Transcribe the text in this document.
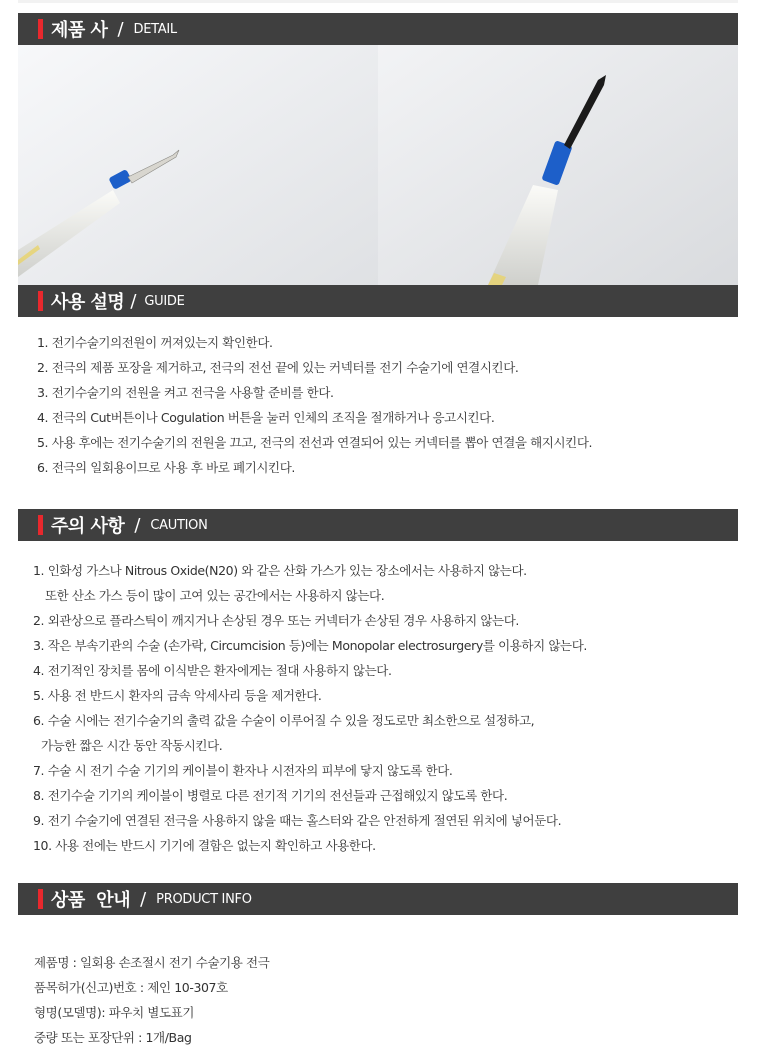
제품 사 / DETAIL
사용 설명 / GUIDE
1. 전기수술기의전원이 꺼져있는지 확인한다.
2. 전극의 제품 포장을 제거하고, 전극의 전선 끝에 있는 커넥터를 전기 수술기에 연결시킨다.
3. 전기수술기의 전원을 켜고 전극을 사용할 준비를 한다.
4. 전극의 Cut버튼이나 Cogulation 버튼을 눌러 인체의 조직을 절개하거나 응고시킨다.
5. 사용 후에는 전기수술기의 전원을 끄고, 전극의 전선과 연결되어 있는 커넥터를 뽑아 연결을 해지시킨다.
6. 전극의 일회용이므로 사용 후 바로 폐기시킨다.
주의 사항 / CAUTION
1. 인화성 가스나 Nitrous Oxide(N20) 와 같은 산화 가스가 있는 장소에서는 사용하지 않는다.
또한 산소 가스 등이 많이 고여 있는 공간에서는 사용하지 않는다.
2. 외관상으로 플라스틱이 깨지거나 손상된 경우 또는 커넥터가 손상된 경우 사용하지 않는다.
3. 작은 부속기관의 수술 (손가락, Circumcision 등)에는 Monopolar electrosurgery를 이용하지 않는다.
4. 전기적인 장치를 몸에 이식받은 환자에게는 절대 사용하지 않는다.
5. 사용 전 반드시 환자의 금속 악세사리 등을 제거한다.
6. 수술 시에는 전기수술기의 출력 값을 수술이 이루어질 수 있을 정도로만 최소한으로 설정하고,
가능한 짧은 시간 동안 작동시킨다.
7. 수술 시 전기 수술 기기의 케이블이 환자나 시전자의 피부에 닿지 않도록 한다.
8. 전기수술 기기의 케이블이 병렬로 다른 전기적 기기의 전선들과 근접해있지 않도록 한다.
9. 전기 수술기에 연결된 전극을 사용하지 않을 때는 홀스터와 같은 안전하게 절연된 위치에 넣어둔다.
10. 사용 전에는 반드시 기기에 결함은 없는지 확인하고 사용한다.
상품  안내 / PRODUCT INFO
제품명 : 일회용 손조절시 전기 수술기용 전극
품목허가(신고)번호 : 제인 10-307호
형명(모델명): 파우치 별도표기
중량 또는 포장단위 : 1개/Bag
